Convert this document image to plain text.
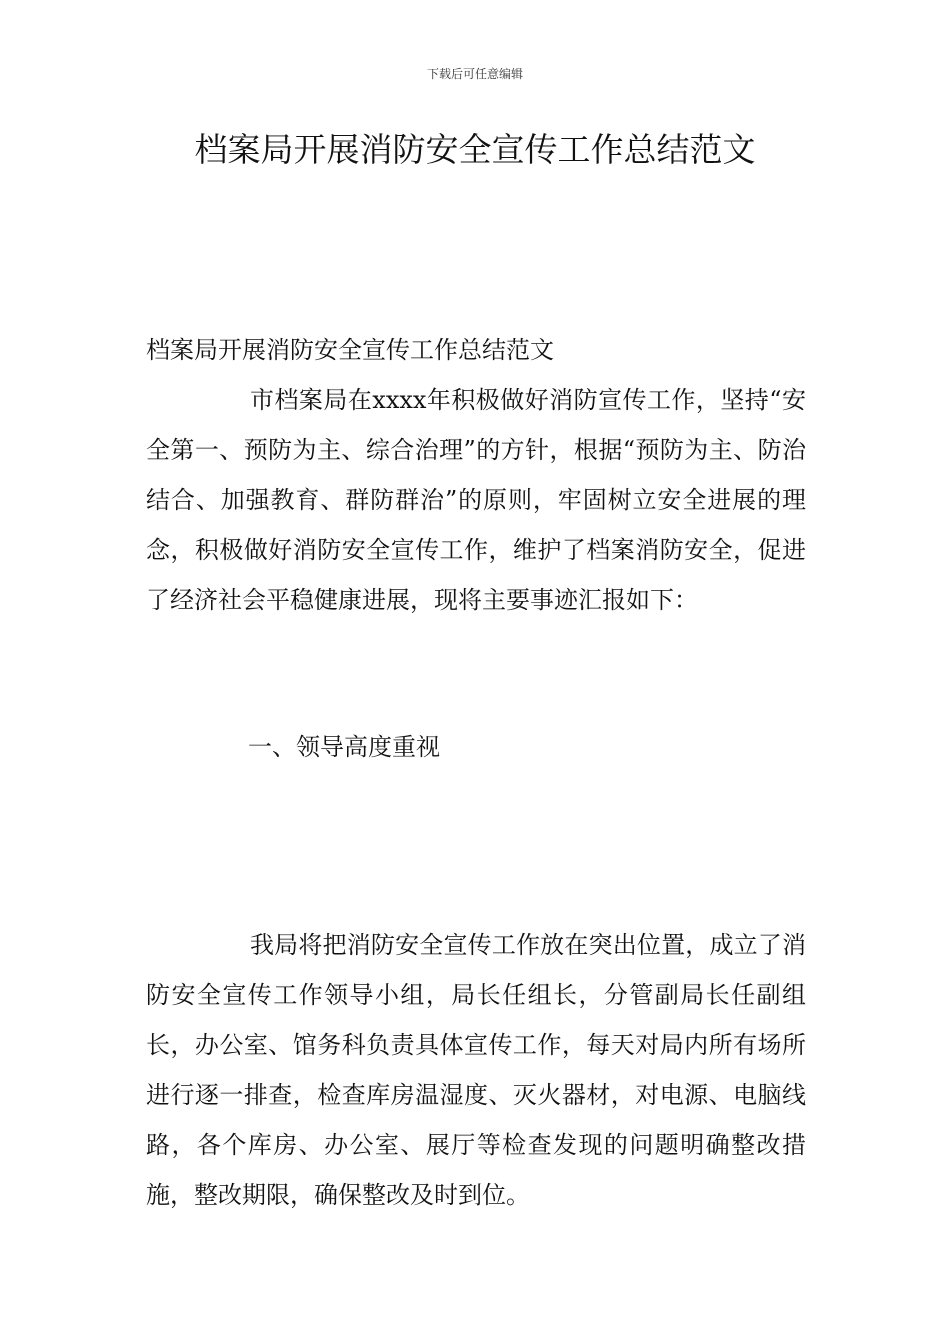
下载后可任意编辑
档案局开展消防安全宣传工作总结范文

档案局开展消防安全宣传工作总结范文

市档案局在xxxx年积极做好消防宣传工作，坚持“安全第一、预防为主、综合治理”的方针，根据“预防为主、防治结合、加强教育、群防群治”的原则，牢固树立安全进展的理念，积极做好消防安全宣传工作，维护了档案消防安全，促进了经济社会平稳健康进展，现将主要事迹汇报如下：

一、领导高度重视

我局将把消防安全宣传工作放在突出位置，成立了消防安全宣传工作领导小组，局长任组长，分管副局长任副组长，办公室、馆务科负责具体宣传工作，每天对局内所有场所进行逐一排查，检查库房温湿度、灭火器材，对电源、电脑线路，各个库房、办公室、展厅等检查发现的问题明确整改措施，整改期限，确保整改及时到位。
